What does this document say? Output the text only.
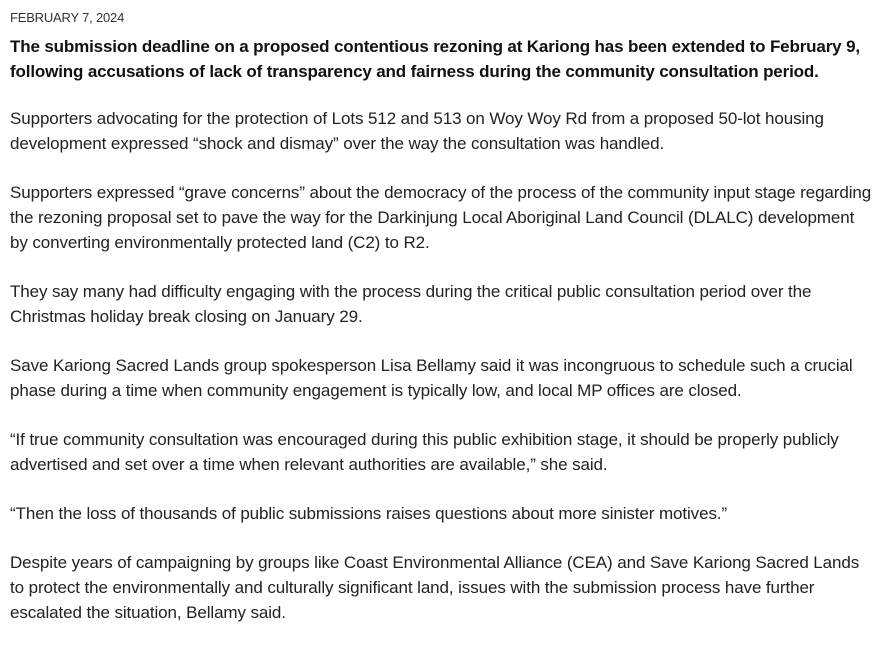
FEBRUARY 7, 2024

The submission deadline on a proposed contentious rezoning at Kariong has been extended to February 9, following accusations of lack of transparency and fairness during the community consultation period.

Supporters advocating for the protection of Lots 512 and 513 on Woy Woy Rd from a proposed 50-lot housing development expressed “shock and dismay” over the way the consultation was handled.

Supporters expressed “grave concerns” about the democracy of the process of the community input stage regarding the rezoning proposal set to pave the way for the Darkinjung Local Aboriginal Land Council (DLALC) development by converting environmentally protected land (C2) to R2.

They say many had difficulty engaging with the process during the critical public consultation period over the Christmas holiday break closing on January 29.

Save Kariong Sacred Lands group spokesperson Lisa Bellamy said it was incongruous to schedule such a crucial phase during a time when community engagement is typically low, and local MP offices are closed.

“If true community consultation was encouraged during this public exhibition stage, it should be properly publicly advertised and set over a time when relevant authorities are available,” she said.

“Then the loss of thousands of public submissions raises questions about more sinister motives.”

Despite years of campaigning by groups like Coast Environmental Alliance (CEA) and Save Kariong Sacred Lands to protect the environmentally and culturally significant land, issues with the submission process have further escalated the situation, Bellamy said.
